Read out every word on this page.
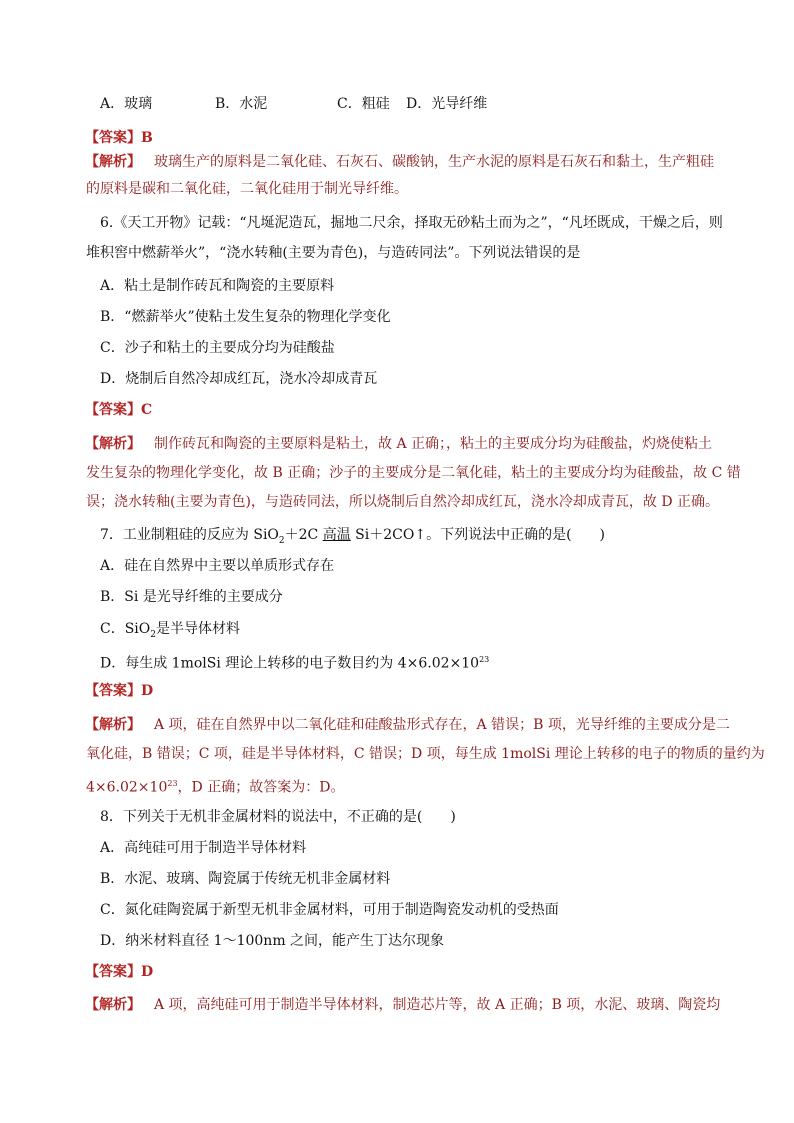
A．玻璃	B．水泥	C．粗硅 D．光导纤维
【答案】B
【解析】 玻璃生产的原料是二氧化硅、石灰石、碳酸钠，生产水泥的原料是石灰石和黏土，生产粗硅
的原料是碳和二氧化硅，二氧化硅用于制光导纤维。
6.《天工开物》记载：“凡埏泥造瓦，掘地二尺余，择取无砂粘土而为之”，“凡坯既成，干燥之后，则
堆积窖中燃薪举火”，“浇水转釉(主要为青色)，与造砖同法”。下列说法错误的是
A．粘土是制作砖瓦和陶瓷的主要原料
B．“燃薪举火”使粘土发生复杂的物理化学变化
C．沙子和粘土的主要成分均为硅酸盐
D．烧制后自然冷却成红瓦，浇水冷却成青瓦
【答案】C
【解析】 制作砖瓦和陶瓷的主要原料是粘土，故 A 正确；，粘土的主要成分均为硅酸盐，灼烧使粘土
发生复杂的物理化学变化，故 B 正确；沙子的主要成分是二氧化硅，粘土的主要成分均为硅酸盐，故 C 错
误；浇水转釉(主要为青色)，与造砖同法，所以烧制后自然冷却成红瓦，浇水冷却成青瓦，故 D 正确。
7．工业制粗硅的反应为 SiO$_2$＋2C 高温 Si＋2CO↑。下列说法中正确的是(　　)
A．硅在自然界中主要以单质形式存在
B．Si 是光导纤维的主要成分
C．SiO$_2$是半导体材料
D．每生成 1molSi 理论上转移的电子数目约为 $4\times 6.02\times 10^{23}$
【答案】D
【解析】 A 项，硅在自然界中以二氧化硅和硅酸盐形式存在，A 错误；B 项，光导纤维的主要成分是二
氧化硅，B 错误；C 项，硅是半导体材料，C 错误；D 项，每生成 1molSi 理论上转移的电子的物质的量约为
$4\times 6.02\times 10^{23}$，D 正确；故答案为：D。
8．下列关于无机非金属材料的说法中，不正确的是(　　)
A．高纯硅可用于制造半导体材料
B．水泥、玻璃、陶瓷属于传统无机非金属材料
C．氮化硅陶瓷属于新型无机非金属材料，可用于制造陶瓷发动机的受热面
D．纳米材料直径 1～100nm 之间，能产生丁达尔现象
【答案】D
【解析】 A 项，高纯硅可用于制造半导体材料，制造芯片等，故 A 正确；B 项，水泥、玻璃、陶瓷均
